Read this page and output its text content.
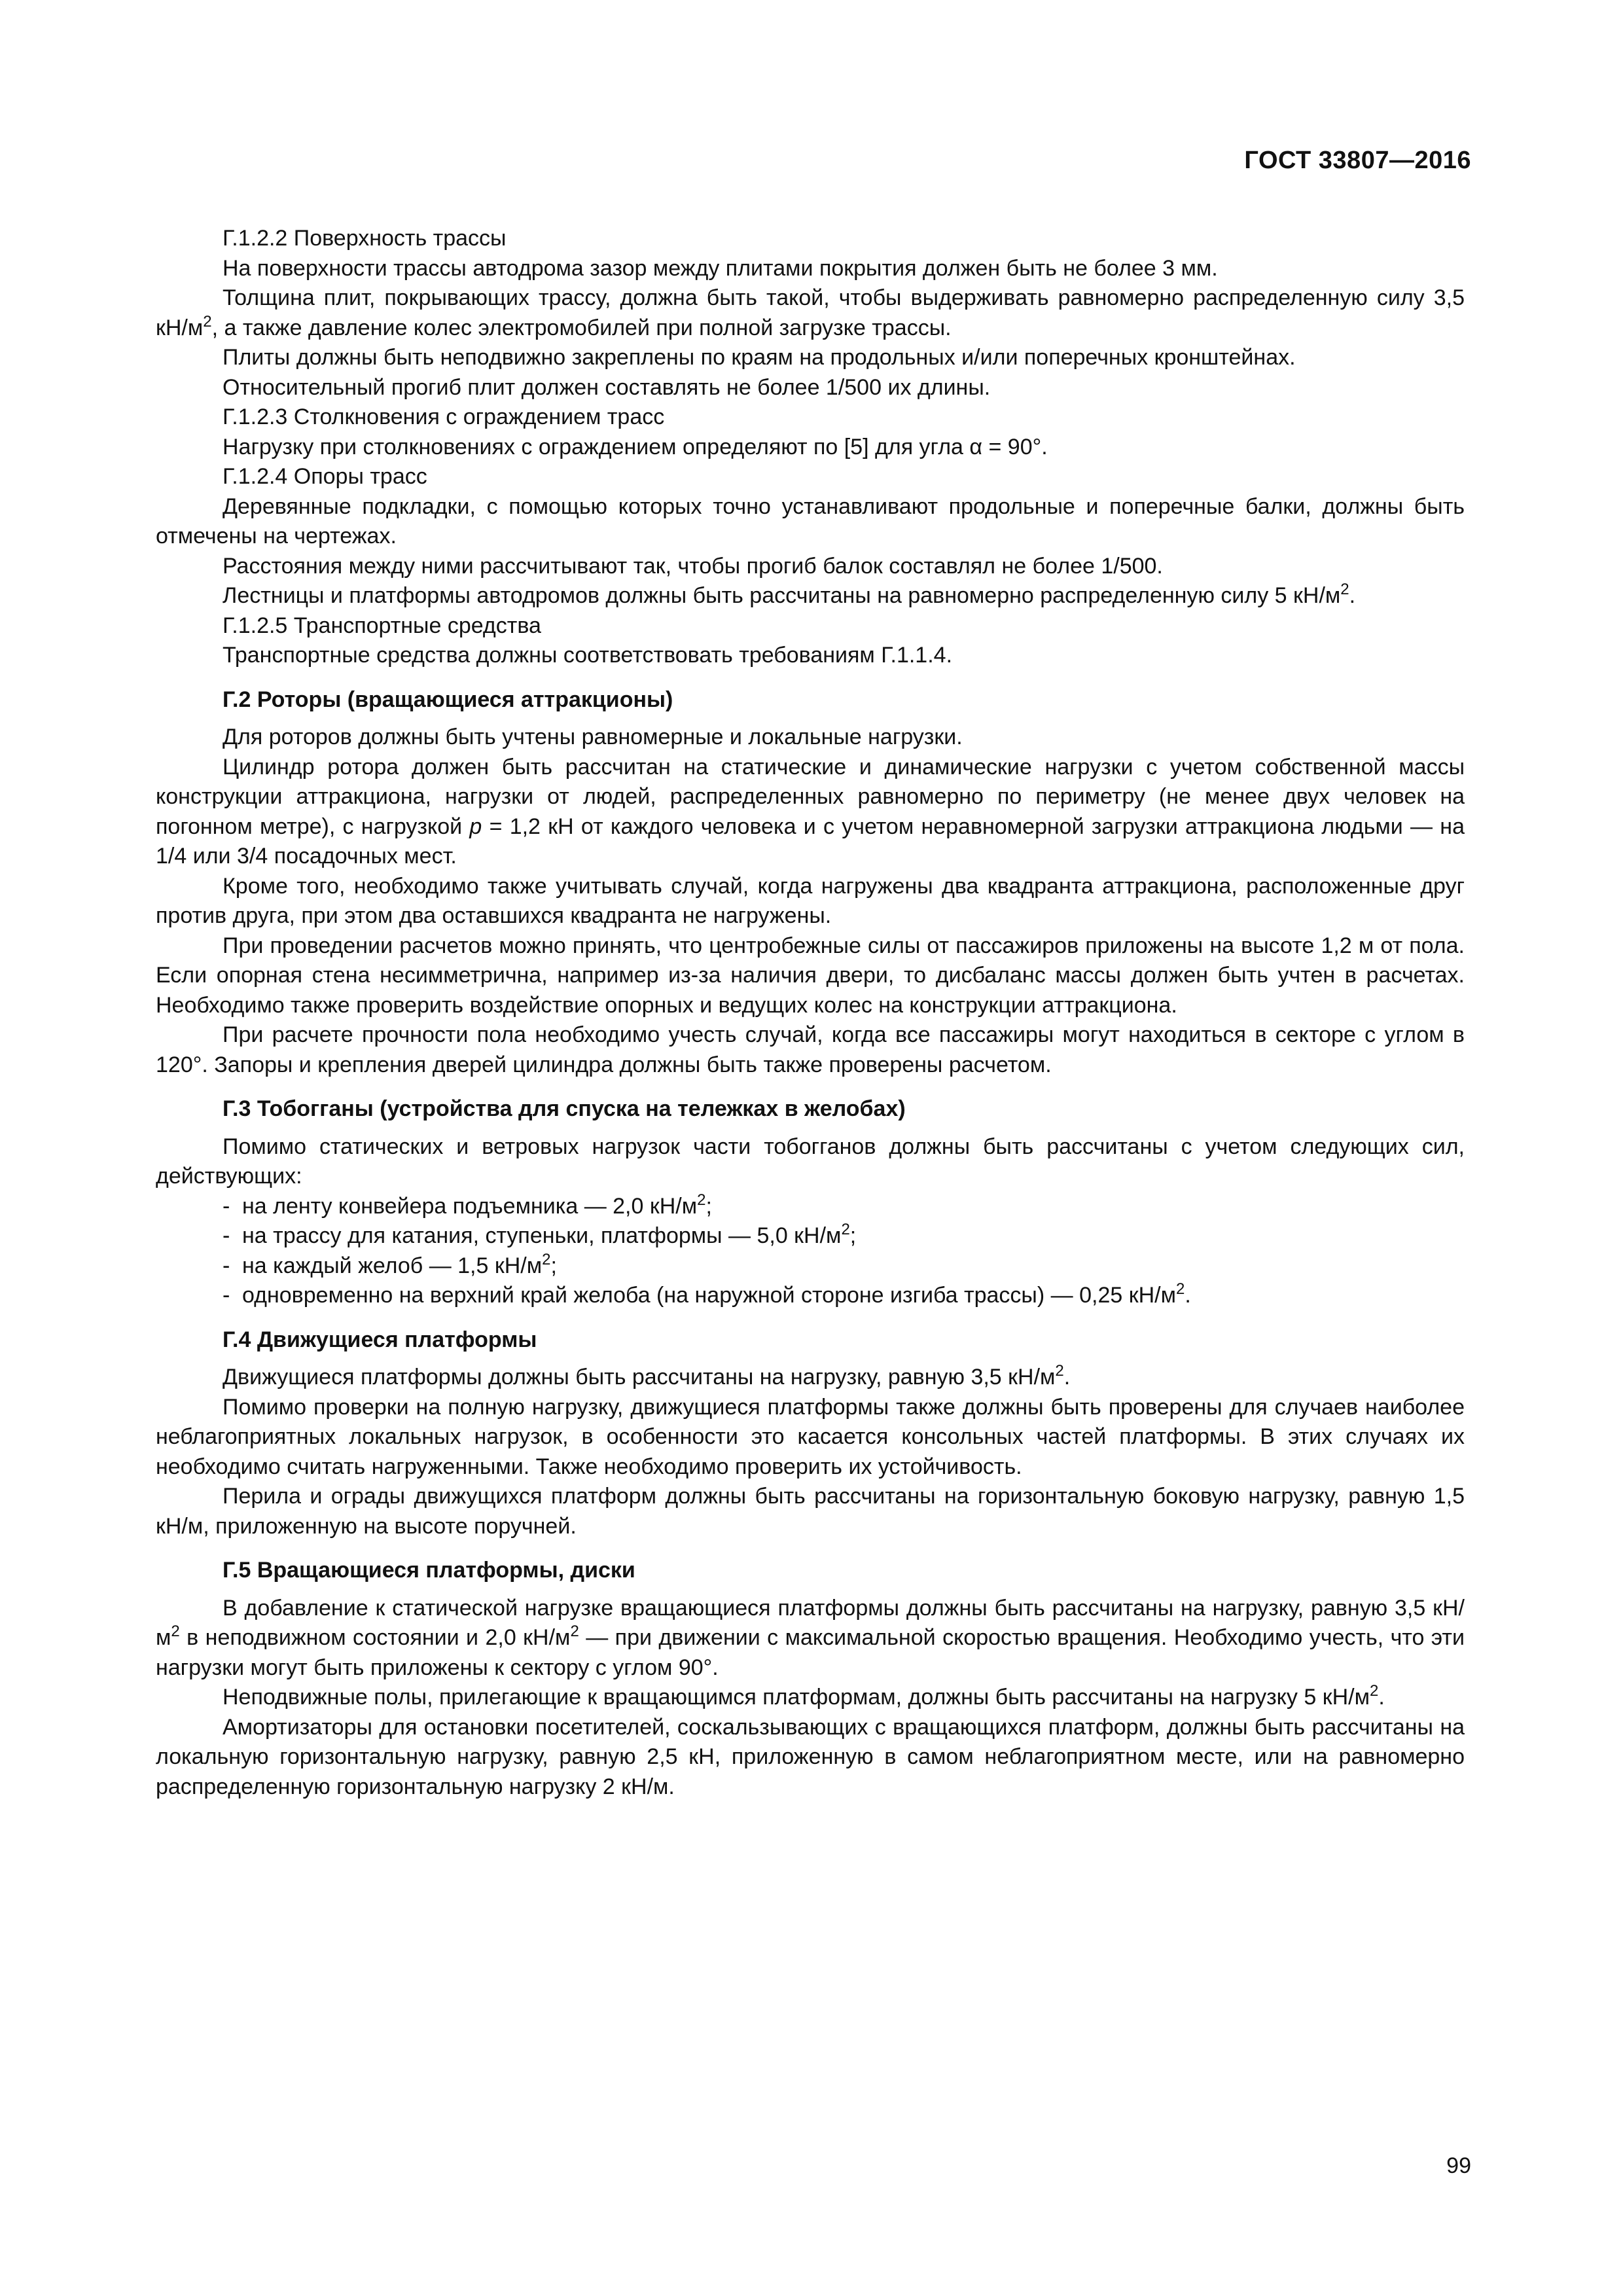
ГОСТ 33807—2016

Г.1.2.2 Поверхность трассы

На поверхности трассы автодрома зазор между плитами покрытия должен быть не более 3 мм.

Толщина плит, покрывающих трассу, должна быть такой, чтобы выдерживать равномерно распределенную силу 3,5 $кН/м^2$, а также давление колес электромобилей при полной загрузке трассы.

Плиты должны быть неподвижно закреплены по краям на продольных и/или поперечных кронштейнах.

Относительный прогиб плит должен составлять не более 1/500 их длины.

Г.1.2.3 Столкновения с ограждением трасс

Нагрузку при столкновениях с ограждением определяют по [5] для угла α = 90°.

Г.1.2.4 Опоры трасс

Деревянные подкладки, с помощью которых точно устанавливают продольные и поперечные балки, должны быть отмечены на чертежах.

Расстояния между ними рассчитывают так, чтобы прогиб балок составлял не более 1/500.

Лестницы и платформы автодромов должны быть рассчитаны на равномерно распределенную силу 5 $кН/м^2$.

Г.1.2.5 Транспортные средства

Транспортные средства должны соответствовать требованиям Г.1.1.4.

Г.2 Роторы (вращающиеся аттракционы)

Для роторов должны быть учтены равномерные и локальные нагрузки.

Цилиндр ротора должен быть рассчитан на статические и динамические нагрузки с учетом собственной массы конструкции аттракциона, нагрузки от людей, распределенных равномерно по периметру (не менее двух человек на погонном метре), с нагрузкой p = 1,2 кН от каждого человека и с учетом неравномерной загрузки аттракциона людьми — на 1/4 или 3/4 посадочных мест.

Кроме того, необходимо также учитывать случай, когда нагружены два квадранта аттракциона, расположенные друг против друга, при этом два оставшихся квадранта не нагружены.

При проведении расчетов можно принять, что центробежные силы от пассажиров приложены на высоте 1,2 м от пола. Если опорная стена несимметрична, например из-за наличия двери, то дисбаланс массы должен быть учтен в расчетах. Необходимо также проверить воздействие опорных и ведущих колес на конструкции аттракциона.

При расчете прочности пола необходимо учесть случай, когда все пассажиры могут находиться в секторе с углом в 120°. Запоры и крепления дверей цилиндра должны быть также проверены расчетом.

Г.3 Тобогганы (устройства для спуска на тележках в желобах)

Помимо статических и ветровых нагрузок части тобогганов должны быть рассчитаны с учетом следующих сил, действующих:

- на ленту конвейера подъемника — 2,0 $кН/м^2$;
- на трассу для катания, ступеньки, платформы — 5,0 $кН/м^2$;
- на каждый желоб — 1,5 $кН/м^2$;
- одновременно на верхний край желоба (на наружной стороне изгиба трассы) — 0,25 $кН/м^2$.
Г.4 Движущиеся платформы

Движущиеся платформы должны быть рассчитаны на нагрузку, равную 3,5 $кН/м^2$.

Помимо проверки на полную нагрузку, движущиеся платформы также должны быть проверены для случаев наиболее неблагоприятных локальных нагрузок, в особенности это касается консольных частей платформы. В этих случаях их необходимо считать нагруженными. Также необходимо проверить их устойчивость.

Перила и ограды движущихся платформ должны быть рассчитаны на горизонтальную боковую нагрузку, равную 1,5 кН/м, приложенную на высоте поручней.

Г.5 Вращающиеся платформы, диски

В добавление к статической нагрузке вращающиеся платформы должны быть рассчитаны на нагрузку, равную 3,5 $кН/м^2$ в неподвижном состоянии и 2,0 $кН/м^2$ — при движении с максимальной скоростью вращения. Необходимо учесть, что эти нагрузки могут быть приложены к сектору с углом 90°.

Неподвижные полы, прилегающие к вращающимся платформам, должны быть рассчитаны на нагрузку 5 $кН/м^2$.

Амортизаторы для остановки посетителей, соскальзывающих с вращающихся платформ, должны быть рассчитаны на локальную горизонтальную нагрузку, равную 2,5 кН, приложенную в самом неблагоприятном месте, или на равномерно распределенную горизонтальную нагрузку 2 кН/м.

99
